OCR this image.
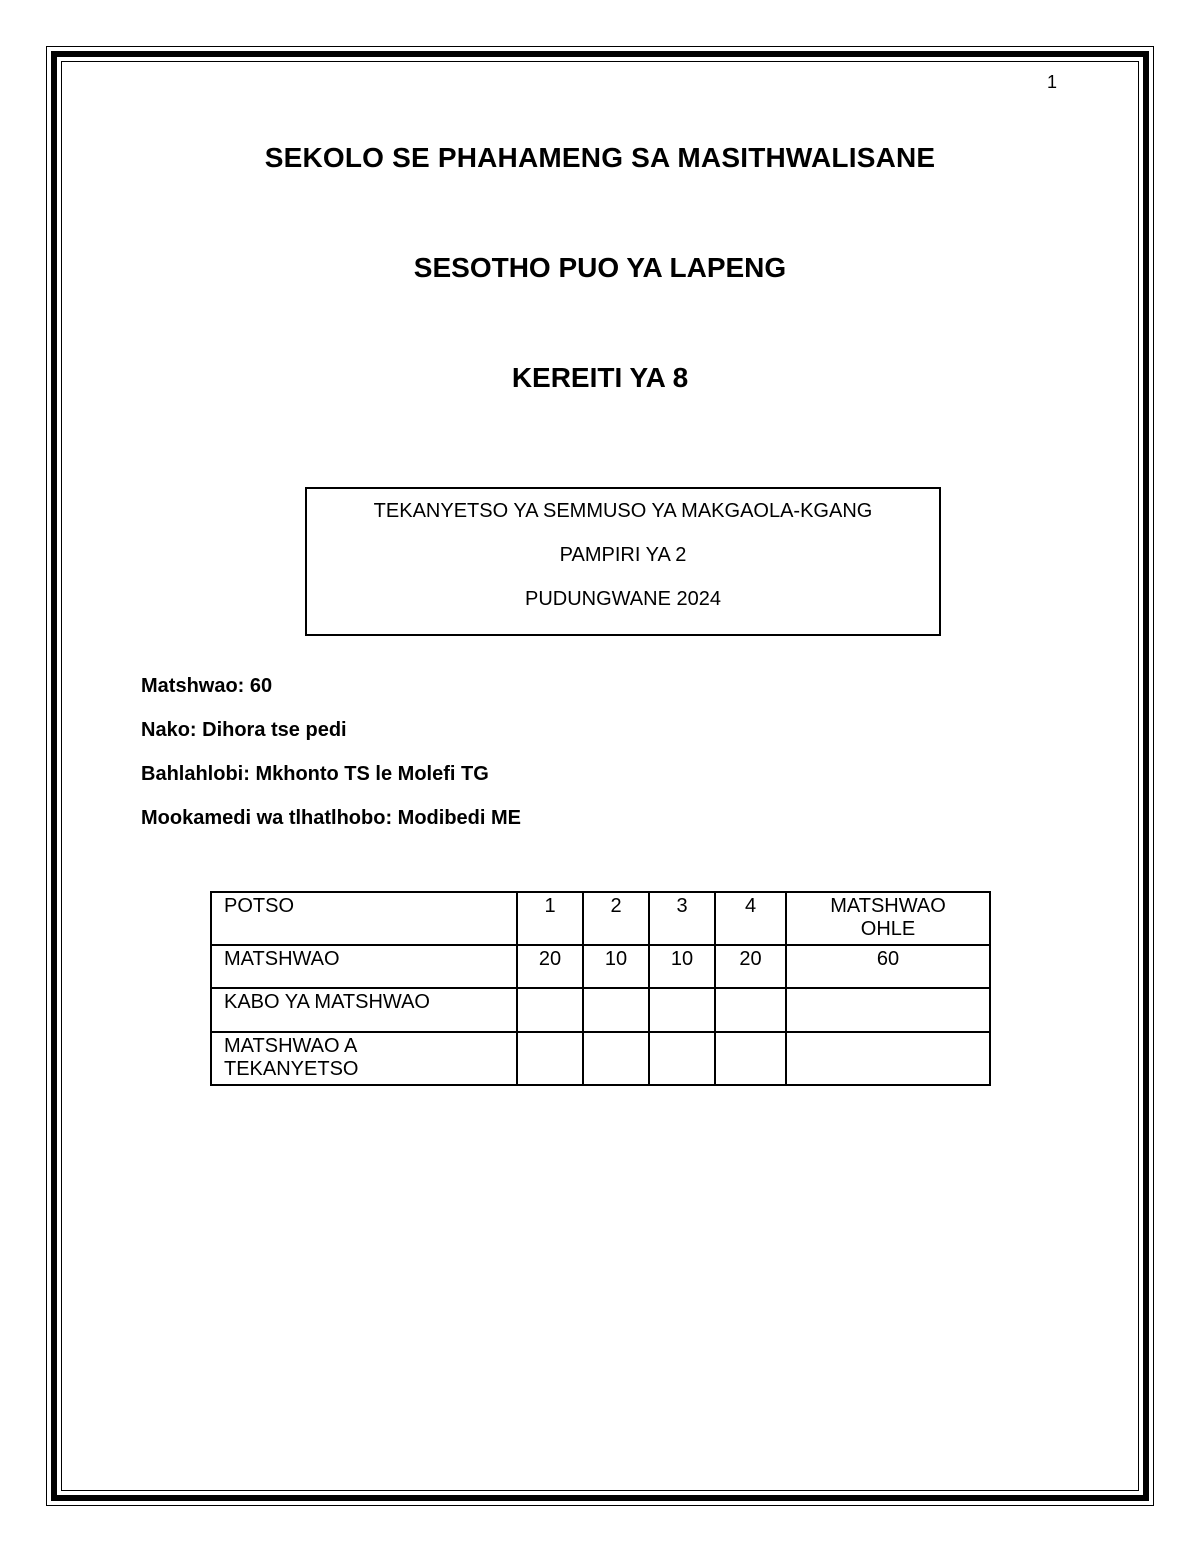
1
SEKOLO SE PHAHAMENG SA MASITHWALISANE
SESOTHO PUO YA LAPENG
KEREITI YA 8
TEKANYETSO YA SEMMUSO YA MAKGAOLA-KGANG
PAMPIRI YA 2
PUDUNGWANE 2024
Matshwao: 60
Nako: Dihora tse pedi
Bahlahlobi: Mkhonto TS le Molefi TG
Mookamedi wa tlhatlhobo: Modibedi ME
POTSO	1	2	3	4	MATSHWAO
OHLE
MATSHWAO	20	10	10	20	60
KABO YA MATSHWAO					
MATSHWAO A
TEKANYETSO					
